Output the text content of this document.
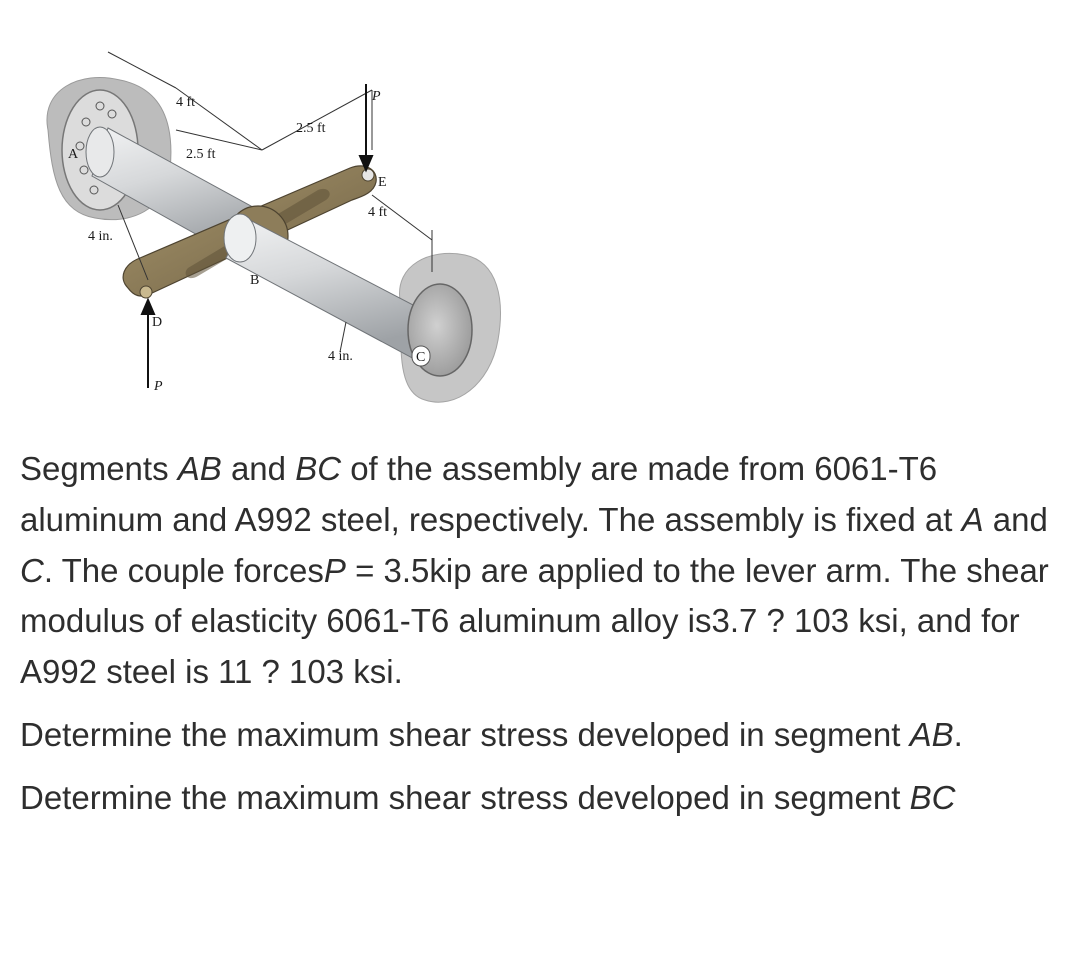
4 ft
2.5 ft
2.5 ft
4 ft
4 in.
4 in.
P
P
A
B
D
E
C

Segments AB and BC of the assembly are made from 6061-T6 aluminum and A992 steel, respectively. The assembly is fixed at A and C. The couple forcesP = 3.5kip are applied to the lever arm. The shear modulus of elasticity 6061-T6 aluminum alloy is3.7 ? 103 ksi, and for A992 steel is 11 ? 103 ksi.

Determine the maximum shear stress developed in segment AB.

Determine the maximum shear stress developed in segment BC
